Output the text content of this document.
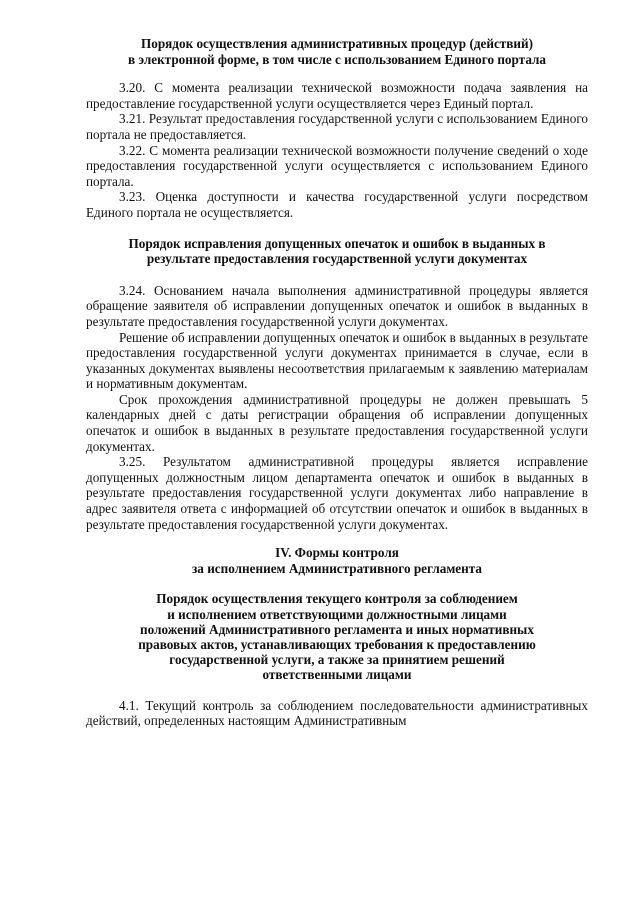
Порядок осуществления административных процедур (действий)
в электронной форме, в том числе с использованием Единого портала

3.20. С момента реализации технической возможности подача заявления на предоставление государственной услуги осуществляется через Единый портал.

3.21. Результат предоставления государственной услуги с использованием Единого портала не предоставляется.

3.22. С момента реализации технической возможности получение сведений о ходе предоставления государственной услуги осуществляется с использованием Единого портала.

3.23. Оценка доступности и качества государственной услуги посредством Единого портала не осуществляется.

Порядок исправления допущенных опечаток и ошибок в выданных в
результате предоставления государственной услуги документах

3.24. Основанием начала выполнения административной процедуры является обращение заявителя об исправлении допущенных опечаток и ошибок в выданных в результате предоставления государственной услуги документах.

Решение об исправлении допущенных опечаток и ошибок в выданных в результате предоставления государственной услуги документах принимается в случае, если в указанных документах выявлены несоответствия прилагаемым к заявлению материалам и нормативным документам.

Срок прохождения административной процедуры не должен превышать 5 календарных дней с даты регистрации обращения об исправлении допущенных опечаток и ошибок в выданных в результате предоставления государственной услуги документах.

3.25. Результатом административной процедуры является исправление допущенных должностным лицом департамента опечаток и ошибок в выданных в результате предоставления государственной услуги документах либо направление в адрес заявителя ответа с информацией об отсутствии опечаток и ошибок в выданных в результате предоставления государственной услуги документах.

IV. Формы контроля
за исполнением Административного регламента
Порядок осуществления текущего контроля за соблюдением
и исполнением ответствующими должностными лицами
положений Административного регламента и иных нормативных
правовых актов, устанавливающих требования к предоставлению
государственной услуги, а также за принятием решений
ответственными лицами

4.1. Текущий контроль за соблюдением последовательности административных действий, определенных настоящим Административным
